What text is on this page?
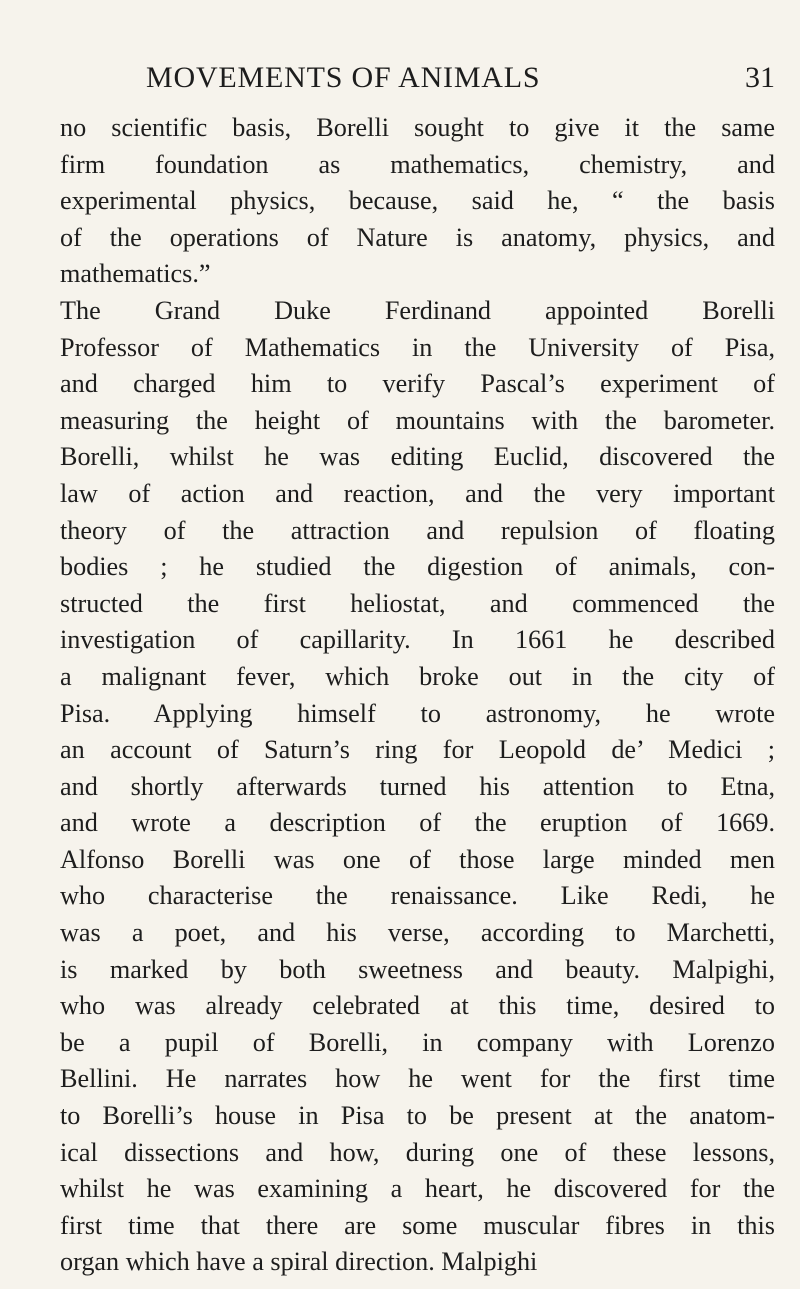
MOVEMENTS OF ANIMALS	31
no scientific basis, Borelli sought to give it the same
firm foundation as mathematics, chemistry, and
experimental physics, because, said he, “ the basis
of the operations of Nature is anatomy, physics, and
mathematics.”
The Grand Duke Ferdinand appointed Borelli
Professor of Mathematics in the University of Pisa,
and charged him to verify Pascal’s experiment of
measuring the height of mountains with the barometer.
Borelli, whilst he was editing Euclid, discovered the
law of action and reaction, and the very important
theory of the attraction and repulsion of floating
bodies ; he studied the digestion of animals, con-
structed the first heliostat, and commenced the
investigation of capillarity. In 1661 he described
a malignant fever, which broke out in the city of
Pisa. Applying himself to astronomy, he wrote
an account of Saturn’s ring for Leopold de’ Medici ;
and shortly afterwards turned his attention to Etna,
and wrote a description of the eruption of 1669.
Alfonso Borelli was one of those large minded men
who characterise the renaissance. Like Redi, he
was a poet, and his verse, according to Marchetti,
is marked by both sweetness and beauty. Malpighi,
who was already celebrated at this time, desired to
be a pupil of Borelli, in company with Lorenzo
Bellini. He narrates how he went for the first time
to Borelli’s house in Pisa to be present at the anatom-
ical dissections and how, during one of these lessons,
whilst he was examining a heart, he discovered for the
first time that there are some muscular fibres in this
organ which have a spiral direction. Malpighi
